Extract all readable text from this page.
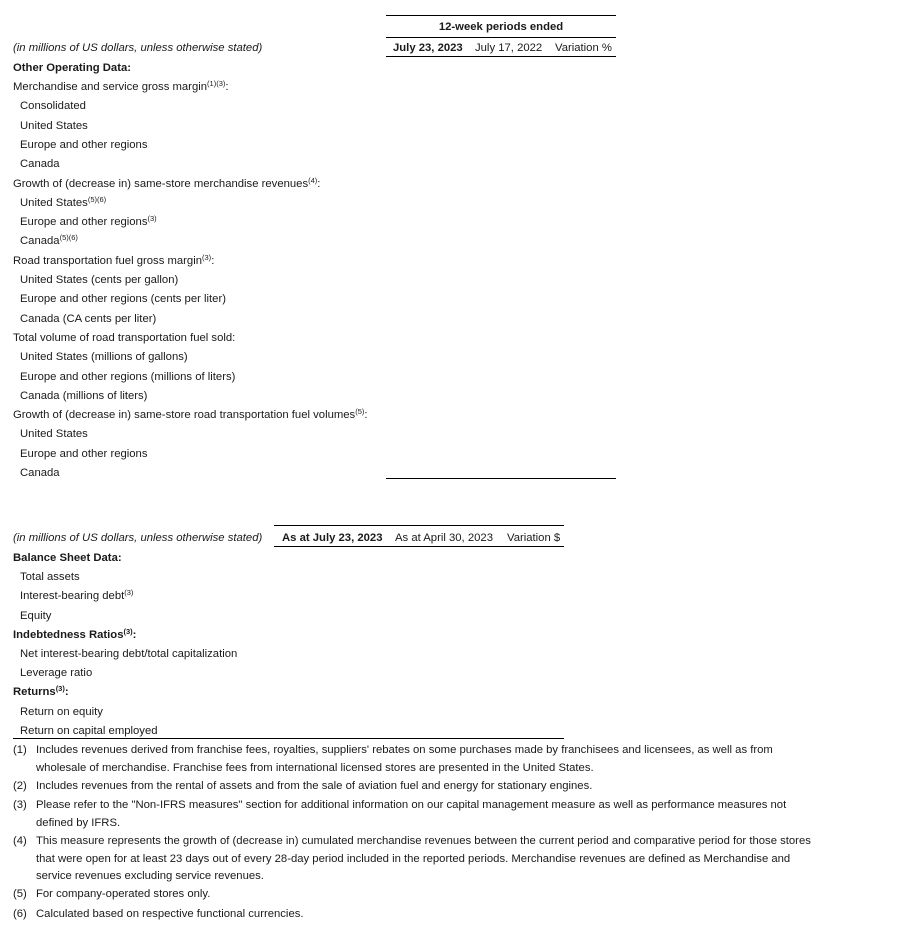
12-week periods ended
(in millions of US dollars, unless otherwise stated)	July 23, 2023 July 17, 2022 Variation %
Other Operating Data:
Merchandise and service gross margin$^{(1)(3)}$:
Consolidated
United States
Europe and other regions
Canada
Growth of (decrease in) same-store merchandise revenues$^{(4)}$:
United States$^{(5)(6)}$
Europe and other regions$^{(3)}$
Canada$^{(5)(6)}$
Road transportation fuel gross margin$^{(3)}$:
United States (cents per gallon)
Europe and other regions (cents per liter)
Canada (CA cents per liter)
Total volume of road transportation fuel sold:
United States (millions of gallons)
Europe and other regions (millions of liters)
Canada (millions of liters)
Growth of (decrease in) same-store road transportation fuel volumes$^{(5)}$:
United States
Europe and other regions
Canada
(in millions of US dollars, unless otherwise stated) As at July 23, 2023 As at April 30, 2023 Variation $
Balance Sheet Data:
Total assets
Interest-bearing debt$^{(3)}$
Equity
Indebtedness Ratios$^{(3)}$:
Net interest-bearing debt/total capitalization
Leverage ratio
Returns$^{(3)}$:
Return on equity
Return on capital employed
(1) Includes revenues derived from franchise fees, royalties, suppliers' rebates on some purchases made by franchisees and licensees, as well as from wholesale of merchandise. Franchise fees from international licensed stores are presented in the United States.
(2) Includes revenues from the rental of assets and from the sale of aviation fuel and energy for stationary engines.
(3) Please refer to the "Non-IFRS measures" section for additional information on our capital management measure as well as performance measures not defined by IFRS.
(4) This measure represents the growth of (decrease in) cumulated merchandise revenues between the current period and comparative period for those stores that were open for at least 23 days out of every 28-day period included in the reported periods. Merchandise revenues are defined as Merchandise and service revenues excluding service revenues.
(5) For company-operated stores only.
(6) Calculated based on respective functional currencies.
